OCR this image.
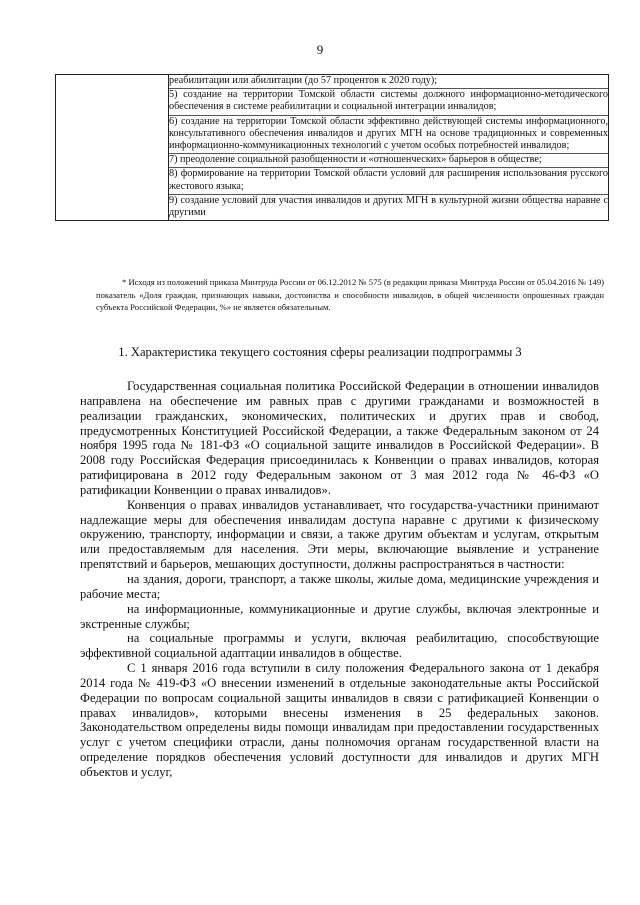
9

реабилитации или абилитации (до 57 процентов к 2020 году);
5) создание на территории Томской области системы должного информационно-методического обеспечения в системе реабилитации и социальной интеграции инвалидов;
6) создание на территории Томской области эффективно действующей системы информационного, консультативного обеспечения инвалидов и других МГН на основе традиционных и современных информационно-коммуникационных технологий с учетом особых потребностей инвалидов;
7) преодоление социальной разобщенности и «отношенческих» барьеров в обществе;
8) формирование на территории Томской области условий для расширения использования русского жестового языка;
9) создание условий для участия инвалидов и других МГН в культурной жизни общества наравне с другими
* Исходя из положений приказа Минтруда России от 06.12.2012 № 575 (в редакции приказа Минтруда России от 05.04.2016 № 149) показатель «Доля граждан, признающих навыки, достоинства и способности инвалидов, в общей численности опрошенных граждан субъекта Российской Федерации, %» не является обязательным.
1. Характеристика текущего состояния сферы реализации подпрограммы 3

Государственная социальная политика Российской Федерации в отношении инвалидов направлена на обеспечение им равных прав с другими гражданами и возможностей в реализации гражданских, экономических, политических и других прав и свобод, предусмотренных Конституцией Российской Федерации, а также Федеральным законом от 24 ноября 1995 года № 181-ФЗ «О социальной защите инвалидов в Российской Федерации». В 2008 году Российская Федерация присоединилась к Конвенции о правах инвалидов, которая ратифицирована в 2012 году Федеральным законом от 3 мая 2012 года № 46-ФЗ «О ратификации Конвенции о правах инвалидов».

Конвенция о правах инвалидов устанавливает, что государства-участники принимают надлежащие меры для обеспечения инвалидам доступа наравне с другими к физическому окружению, транспорту, информации и связи, а также другим объектам и услугам, открытым или предоставляемым для населения. Эти меры, включающие выявление и устранение препятствий и барьеров, мешающих доступности, должны распространяться в частности:

на здания, дороги, транспорт, а также школы, жилые дома, медицинские учреждения и рабочие места;

на информационные, коммуникационные и другие службы, включая электронные и экстренные службы;

на социальные программы и услуги, включая реабилитацию, способствующие эффективной социальной адаптации инвалидов в обществе.

С 1 января 2016 года вступили в силу положения Федерального закона от 1 декабря 2014 года № 419-ФЗ «О внесении изменений в отдельные законодательные акты Российской Федерации по вопросам социальной защиты инвалидов в связи с ратификацией Конвенции о правах инвалидов», которыми внесены изменения в 25 федеральных законов. Законодательством определены виды помощи инвалидам при предоставлении государственных услуг с учетом специфики отрасли, даны полномочия органам государственной власти на определение порядков обеспечения условий доступности для инвалидов и других МГН объектов и услуг,
